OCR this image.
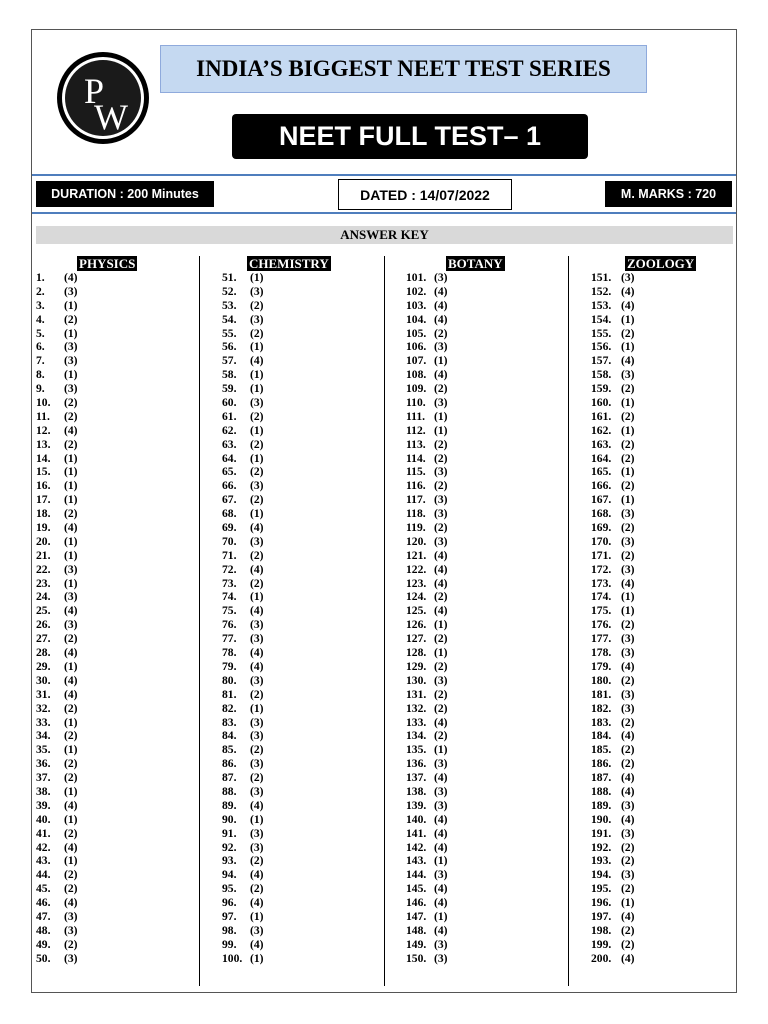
P
W
INDIA’S BIGGEST NEET TEST SERIES
NEET FULL TEST– 1
DURATION : 200 Minutes	DATED : 14/07/2022	M. MARKS : 720
ANSWER KEY
PHYSICS
1. (4)
2. (3)
3. (1)
4. (2)
5. (1)
6. (3)
7. (3)
8. (1)
9. (3)
10. (2)
11. (2)
12. (4)
13. (2)
14. (1)
15. (1)
16. (1)
17. (1)
18. (2)
19. (4)
20. (1)
21. (1)
22. (3)
23. (1)
24. (3)
25. (4)
26. (3)
27. (2)
28. (4)
29. (1)
30. (4)
31. (4)
32. (2)
33. (1)
34. (2)
35. (1)
36. (2)
37. (2)
38. (1)
39. (4)
40. (1)
41. (2)
42. (4)
43. (1)
44. (2)
45. (2)
46. (4)
47. (3)
48. (3)
49. (2)
50. (3)
CHEMISTRY
51. (1)
52. (3)
53. (2)
54. (3)
55. (2)
56. (1)
57. (4)
58. (1)
59. (1)
60. (3)
61. (2)
62. (1)
63. (2)
64. (1)
65. (2)
66. (3)
67. (2)
68. (1)
69. (4)
70. (3)
71. (2)
72. (4)
73. (2)
74. (1)
75. (4)
76. (3)
77. (3)
78. (4)
79. (4)
80. (3)
81. (2)
82. (1)
83. (3)
84. (3)
85. (2)
86. (3)
87. (2)
88. (3)
89. (4)
90. (1)
91. (3)
92. (3)
93. (2)
94. (4)
95. (2)
96. (4)
97. (1)
98. (3)
99. (4)
100. (1)
BOTANY
101. (3)
102. (4)
103. (4)
104. (4)
105. (2)
106. (3)
107. (1)
108. (4)
109. (2)
110. (3)
111. (1)
112. (1)
113. (2)
114. (2)
115. (3)
116. (2)
117. (3)
118. (3)
119. (2)
120. (3)
121. (4)
122. (4)
123. (4)
124. (2)
125. (4)
126. (1)
127. (2)
128. (1)
129. (2)
130. (3)
131. (2)
132. (2)
133. (4)
134. (2)
135. (1)
136. (3)
137. (4)
138. (3)
139. (3)
140. (4)
141. (4)
142. (4)
143. (1)
144. (3)
145. (4)
146. (4)
147. (1)
148. (4)
149. (3)
150. (3)
ZOOLOGY
151. (3)
152. (4)
153. (4)
154. (1)
155. (2)
156. (1)
157. (4)
158. (3)
159. (2)
160. (1)
161. (2)
162. (1)
163. (2)
164. (2)
165. (1)
166. (2)
167. (1)
168. (3)
169. (2)
170. (3)
171. (2)
172. (3)
173. (4)
174. (1)
175. (1)
176. (2)
177. (3)
178. (3)
179. (4)
180. (2)
181. (3)
182. (3)
183. (2)
184. (4)
185. (2)
186. (2)
187. (4)
188. (4)
189. (3)
190. (4)
191. (3)
192. (2)
193. (2)
194. (3)
195. (2)
196. (1)
197. (4)
198. (2)
199. (2)
200. (4)
